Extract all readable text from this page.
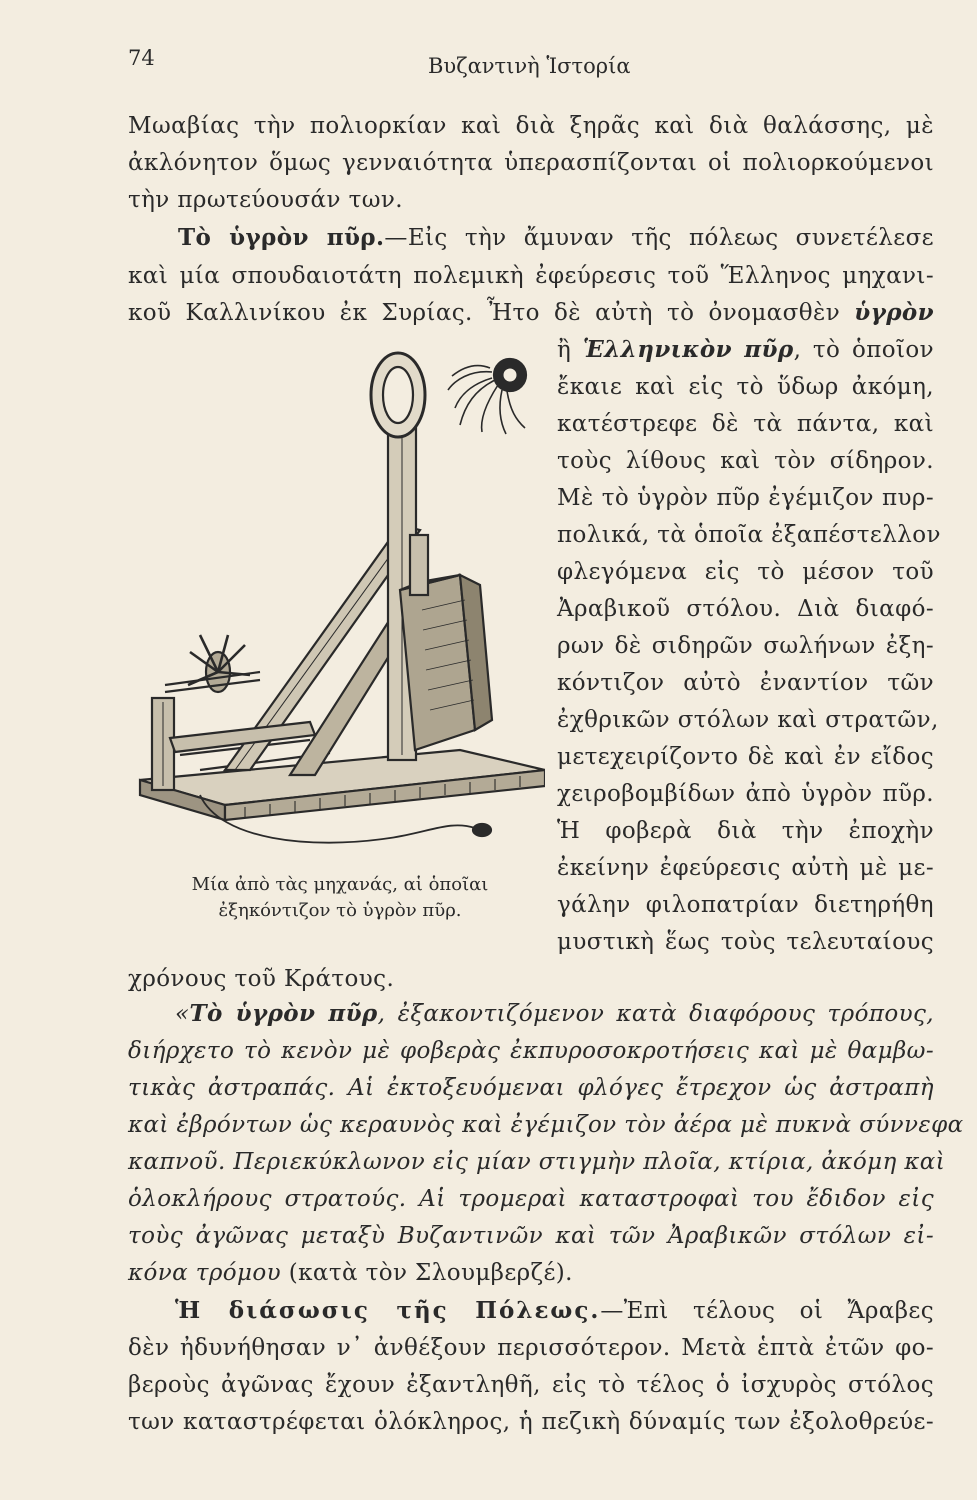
74	Βυζαντινὴ Ἱστορία
Μωαβίας τὴν πολιορκίαν καὶ διὰ ξηρᾶς καὶ διὰ θαλάσσης, μὲ
ἀκλόνητον ὅμως γενναιότητα ὑπερασπίζονται οἱ πολιορκούμενοι
τὴν πρωτεύουσάν των.
Τὸ ὑγρὸν πῦρ.—Εἰς τὴν ἄμυναν τῆς πόλεως συνετέλεσε
καὶ μία σπουδαιοτάτη πολεμικὴ ἐφεύρεσις τοῦ Ἕλληνος μηχανι-
κοῦ Καλλινίκου ἐκ Συρίας. Ἦτο δὲ αὐτὴ τὸ ὀνομασθὲν ὑγρὸν
ἢ Ἑλληνικὸν πῦρ, τὸ ὁποῖον
ἔκαιε καὶ εἰς τὸ ὕδωρ ἀκόμη,
κατέστρεφε δὲ τὰ πάντα, καὶ
τοὺς λίθους καὶ τὸν σίδηρον.
Μὲ τὸ ὑγρὸν πῦρ ἐγέμιζον πυρ-
πολικά, τὰ ὁποῖα ἐξαπέστελλον
φλεγόμενα εἰς τὸ μέσον τοῦ
Ἀραβικοῦ στόλου. Διὰ διαφό-
ρων δὲ σιδηρῶν σωλήνων ἐξη-
κόντιζον αὐτὸ ἐναντίον τῶν
ἐχθρικῶν στόλων καὶ στρατῶν,
μετεχειρίζοντο δὲ καὶ ἐν εἴδος
χειροβομβίδων ἀπὸ ὑγρὸν πῦρ.
Ἡ φοβερὰ διὰ τὴν ἐποχὴν
ἐκείνην ἐφεύρεσις αὐτὴ μὲ με-
γάλην φιλοπατρίαν διετηρήθη
μυστικὴ ἕως τοὺς τελευταίους
χρόνους τοῦ Κράτους.
Μία ἀπὸ τὰς μηχανάς, αἱ ὁποῖαι
ἐξηκόντιζον τὸ ὑγρὸν πῦρ.
«Τὸ ὑγρὸν πῦρ, ἐξακοντιζόμενον κατὰ διαφόρους τρόπους,
διήρχετο τὸ κενὸν μὲ φοβερὰς ἐκπυροσοκροτήσεις καὶ μὲ θαμβω-
τικὰς ἀστραπάς. Αἱ ἐκτοξευόμεναι φλόγες ἔτρεχον ὡς ἀστραπὴ
καὶ ἐβρόντων ὡς κεραυνὸς καὶ ἐγέμιζον τὸν ἀέρα μὲ πυκνὰ σύννεφα
καπνοῦ. Περιεκύκλωνον εἰς μίαν στιγμὴν πλοῖα, κτίρια, ἀκόμη καὶ
ὁλοκλήρους στρατούς. Αἱ τρομεραὶ καταστροφαὶ του ἔδιδον εἰς
τοὺς ἀγῶνας μεταξὺ Βυζαντινῶν καὶ τῶν Ἀραβικῶν στόλων εἰ-
κόνα τρόμου (κατὰ τὸν Σλουμβερζέ).
Ἡ διάσωσις τῆς Πόλεως.—Ἐπὶ τέλους οἱ Ἄραβες
δὲν ἠδυνήθησαν ν᾿ ἀνθέξουν περισσότερον. Μετὰ ἑπτὰ ἐτῶν φο-
βεροὺς ἀγῶνας ἔχουν ἐξαντληθῆ, εἰς τὸ τέλος ὁ ἰσχυρὸς στόλος
των καταστρέφεται ὁλόκληρος, ἡ πεζικὴ δύναμίς των ἐξολοθρεύε-
